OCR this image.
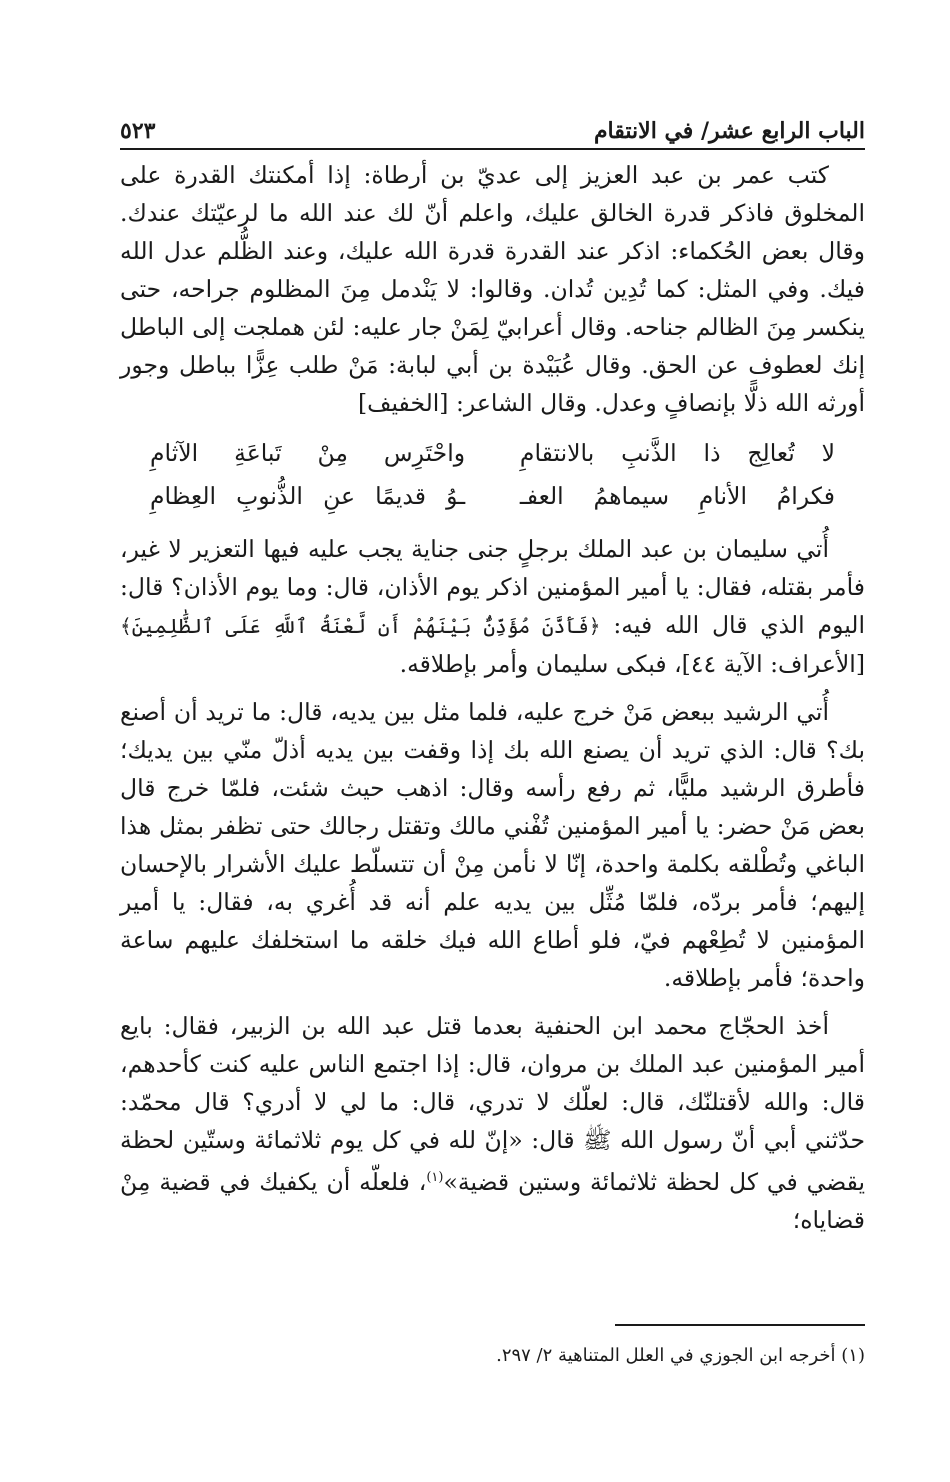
الباب الرابع عشر/ في الانتقام
٥٢٣

كتب عمر بن عبد العزيز إلى عديّ بن أرطاة: إذا أمكنتك القدرة على المخلوق فاذكر قدرة الخالق عليك، واعلم أنّ لك عند الله ما لرعيّتك عندك. وقال بعض الحُكماء: اذكر عند القدرة قدرة الله عليك، وعند الظُّلم عدل الله فيك. وفي المثل: كما تُدِين تُدان. وقالوا: لا يَنْدمل مِنَ المظلوم جراحه، حتى ينكسر مِنَ الظالم جناحه. وقال أعرابيّ لِمَنْ جار عليه: لئن هملجت إلى الباطل إنك لعطوف عن الحق. وقال عُبَيْدة بن أبي لبابة: مَنْ طلب عِزًّا بباطل وجور أورثه الله ذلًّا بإنصافٍ وعدل. وقال الشاعر: [الخفيف]

لا تُعالِج ذا الذَّنبِ بالانتقامِ
واحْتَرِس مِنْ تَباعَةِ الآثامِ
فكرامُ الأنامِ سيماهمُ العفـ
ـوُ قديمًا عنِ الذُّنوبِ العِظامِ

أُتي سليمان بن عبد الملك برجلٍ جنى جناية يجب عليه فيها التعزير لا غير، فأمر بقتله، فقال: يا أمير المؤمنين اذكر يوم الأذان، قال: وما يوم الأذان؟ قال: اليوم الذي قال الله فيه: ﴿فَأَذَّنَ مُؤَذِّنٌۢ بَيْنَهُمْ أَن لَّعْنَةُ ٱللَّهِ عَلَى ٱلظَّٰلِمِينَ﴾ [الأعراف: الآية ٤٤]، فبكى سليمان وأمر بإطلاقه.

أُتي الرشيد ببعض مَنْ خرج عليه، فلما مثل بين يديه، قال: ما تريد أن أصنع بك؟ قال: الذي تريد أن يصنع الله بك إذا وقفت بين يديه أذلّ منّي بين يديك؛ فأطرق الرشيد مليًّا، ثم رفع رأسه وقال: اذهب حيث شئت، فلمّا خرج قال بعض مَنْ حضر: يا أمير المؤمنين تُفْني مالك وتقتل رجالك حتى تظفر بمثل هذا الباغي وتُطْلقه بكلمة واحدة، إنّا لا نأمن مِنْ أن تتسلّط عليك الأشرار بالإحسان إليهم؛ فأمر بردّه، فلمّا مُثِّل بين يديه علم أنه قد أُغري به، فقال: يا أمير المؤمنين لا تُطِعْهم فيّ، فلو أطاع الله فيك خلقه ما استخلفك عليهم ساعة واحدة؛ فأمر بإطلاقه.

أخذ الحجّاج محمد ابن الحنفية بعدما قتل عبد الله بن الزبير، فقال: بايع أمير المؤمنين عبد الملك بن مروان، قال: إذا اجتمع الناس عليه كنت كأحدهم، قال: والله لأقتلنّك، قال: لعلّك لا تدري، قال: ما لي لا أدري؟ قال محمّد: حدّثني أبي أنّ رسول الله ﷺ قال: «إنّ لله في كل يوم ثلاثمائة وستّين لحظة يقضي في كل لحظة ثلاثمائة وستين قضية»$^{(١)}$، فلعلّه أن يكفيك في قضية مِنْ قضاياه؛

(١) أخرجه ابن الجوزي في العلل المتناهية ٢/ ٢٩٧.
